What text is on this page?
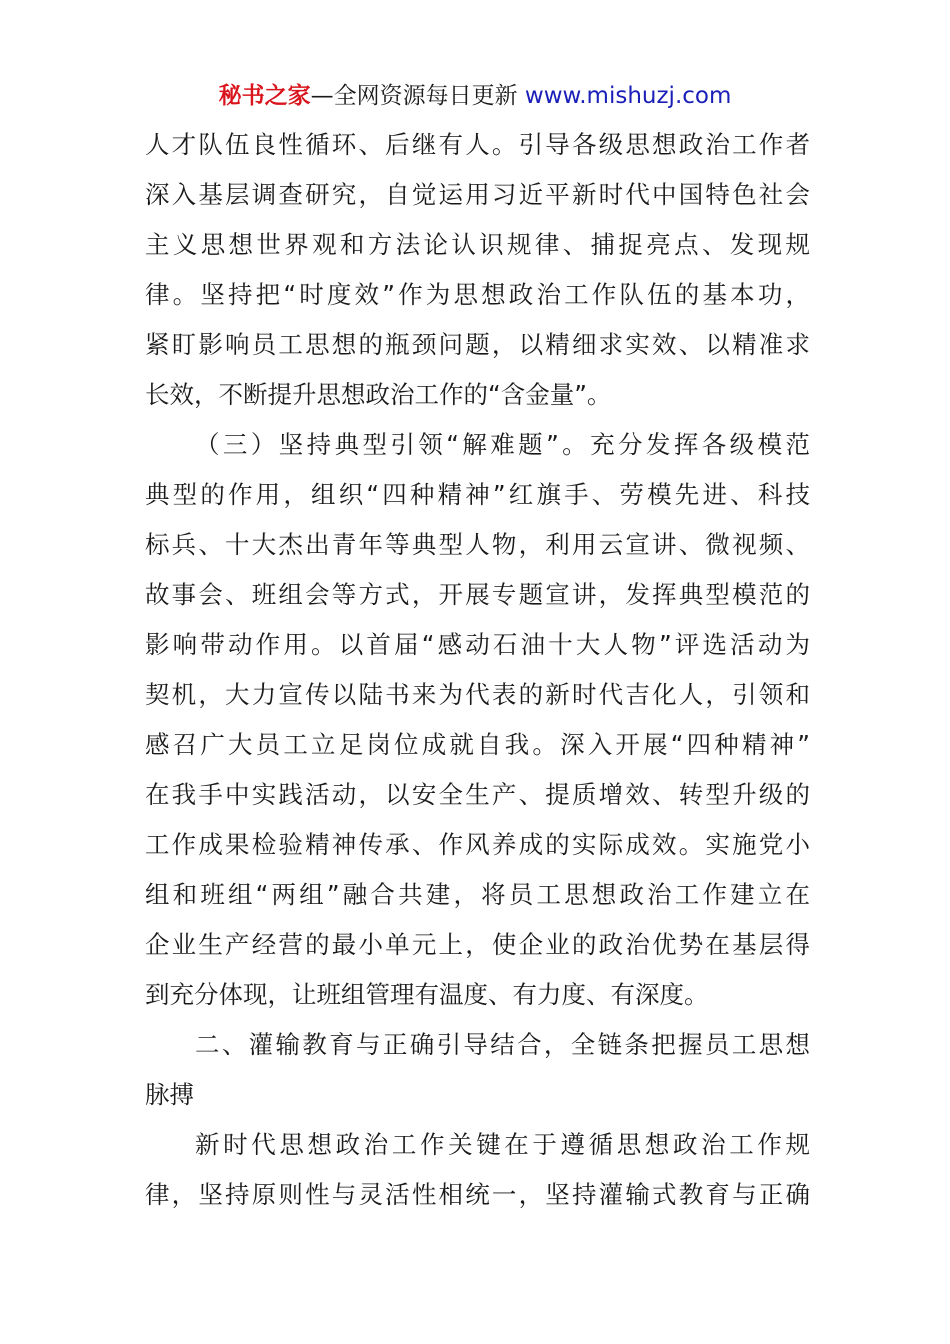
秘书之家—全网资源每日更新 www.mishuzj.com
人才队伍良性循环、后继有人。引导各级思想政治工作者
深入基层调查研究，自觉运用习近平新时代中国特色社会
主义思想世界观和方法论认识规律、捕捉亮点、发现规
律。坚持把“时度效”作为思想政治工作队伍的基本功，
紧盯影响员工思想的瓶颈问题，以精细求实效、以精准求
长效，不断提升思想政治工作的“含金量”。
（三）坚持典型引领“解难题”。充分发挥各级模范
典型的作用，组织“四种精神”红旗手、劳模先进、科技
标兵、十大杰出青年等典型人物，利用云宣讲、微视频、
故事会、班组会等方式，开展专题宣讲，发挥典型模范的
影响带动作用。以首届“感动石油十大人物”评选活动为
契机，大力宣传以陆书来为代表的新时代吉化人，引领和
感召广大员工立足岗位成就自我。深入开展“四种精神”
在我手中实践活动，以安全生产、提质增效、转型升级的
工作成果检验精神传承、作风养成的实际成效。实施党小
组和班组“两组”融合共建，将员工思想政治工作建立在
企业生产经营的最小单元上，使企业的政治优势在基层得
到充分体现，让班组管理有温度、有力度、有深度。
二、灌输教育与正确引导结合，全链条把握员工思想
脉搏
新时代思想政治工作关键在于遵循思想政治工作规
律，坚持原则性与灵活性相统一，坚持灌输式教育与正确
